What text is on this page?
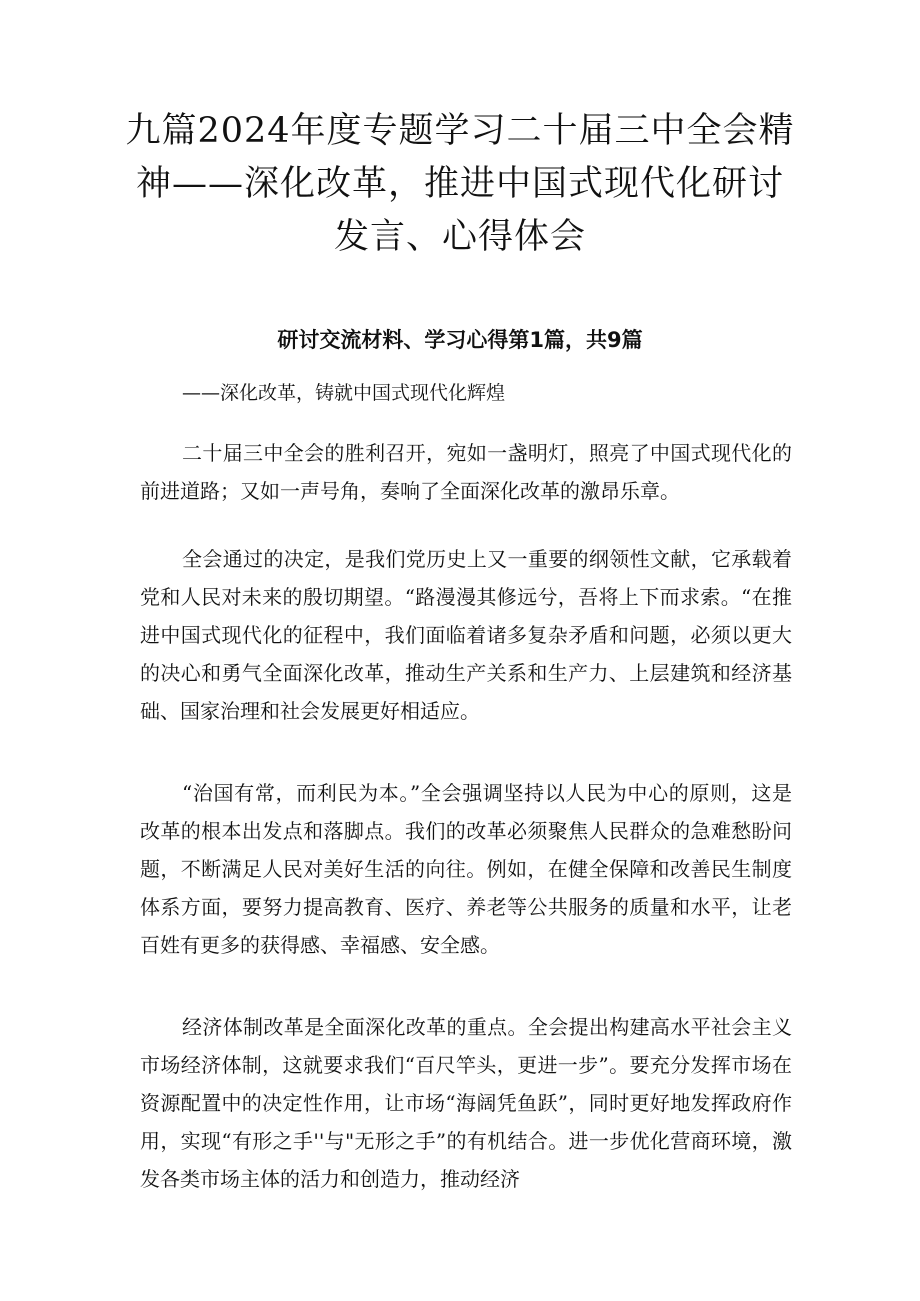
九篇2024年度专题学习二十届三中全会精
神——深化改革，推进中国式现代化研讨
发言、心得体会
研讨交流材料、学习心得第1篇，共9篇
——深化改革，铸就中国式现代化辉煌

二十届三中全会的胜利召开，宛如一盏明灯，照亮了中国式现代化的前进道路；又如一声号角，奏响了全面深化改革的激昂乐章。

全会通过的决定，是我们党历史上又一重要的纲领性文献，它承载着党和人民对未来的殷切期望。“路漫漫其修远兮，吾将上下而求索。“在推进中国式现代化的征程中，我们面临着诸多复杂矛盾和问题，必须以更大的决心和勇气全面深化改革，推动生产关系和生产力、上层建筑和经济基础、国家治理和社会发展更好相适应。

“治国有常，而利民为本。”全会强调坚持以人民为中心的原则，这是改革的根本出发点和落脚点。我们的改革必须聚焦人民群众的急难愁盼问题，不断满足人民对美好生活的向往。例如，在健全保障和改善民生制度体系方面，要努力提高教育、医疗、养老等公共服务的质量和水平，让老百姓有更多的获得感、幸福感、安全感。

经济体制改革是全面深化改革的重点。全会提出构建高水平社会主义市场经济体制，这就要求我们“百尺竿头，更进一步”。要充分发挥市场在资源配置中的决定性作用，让市场“海阔凭鱼跃”，同时更好地发挥政府作用，实现“有形之手''与"无形之手”的有机结合。进一步优化营商环境，激发各类市场主体的活力和创造力，推动经济
